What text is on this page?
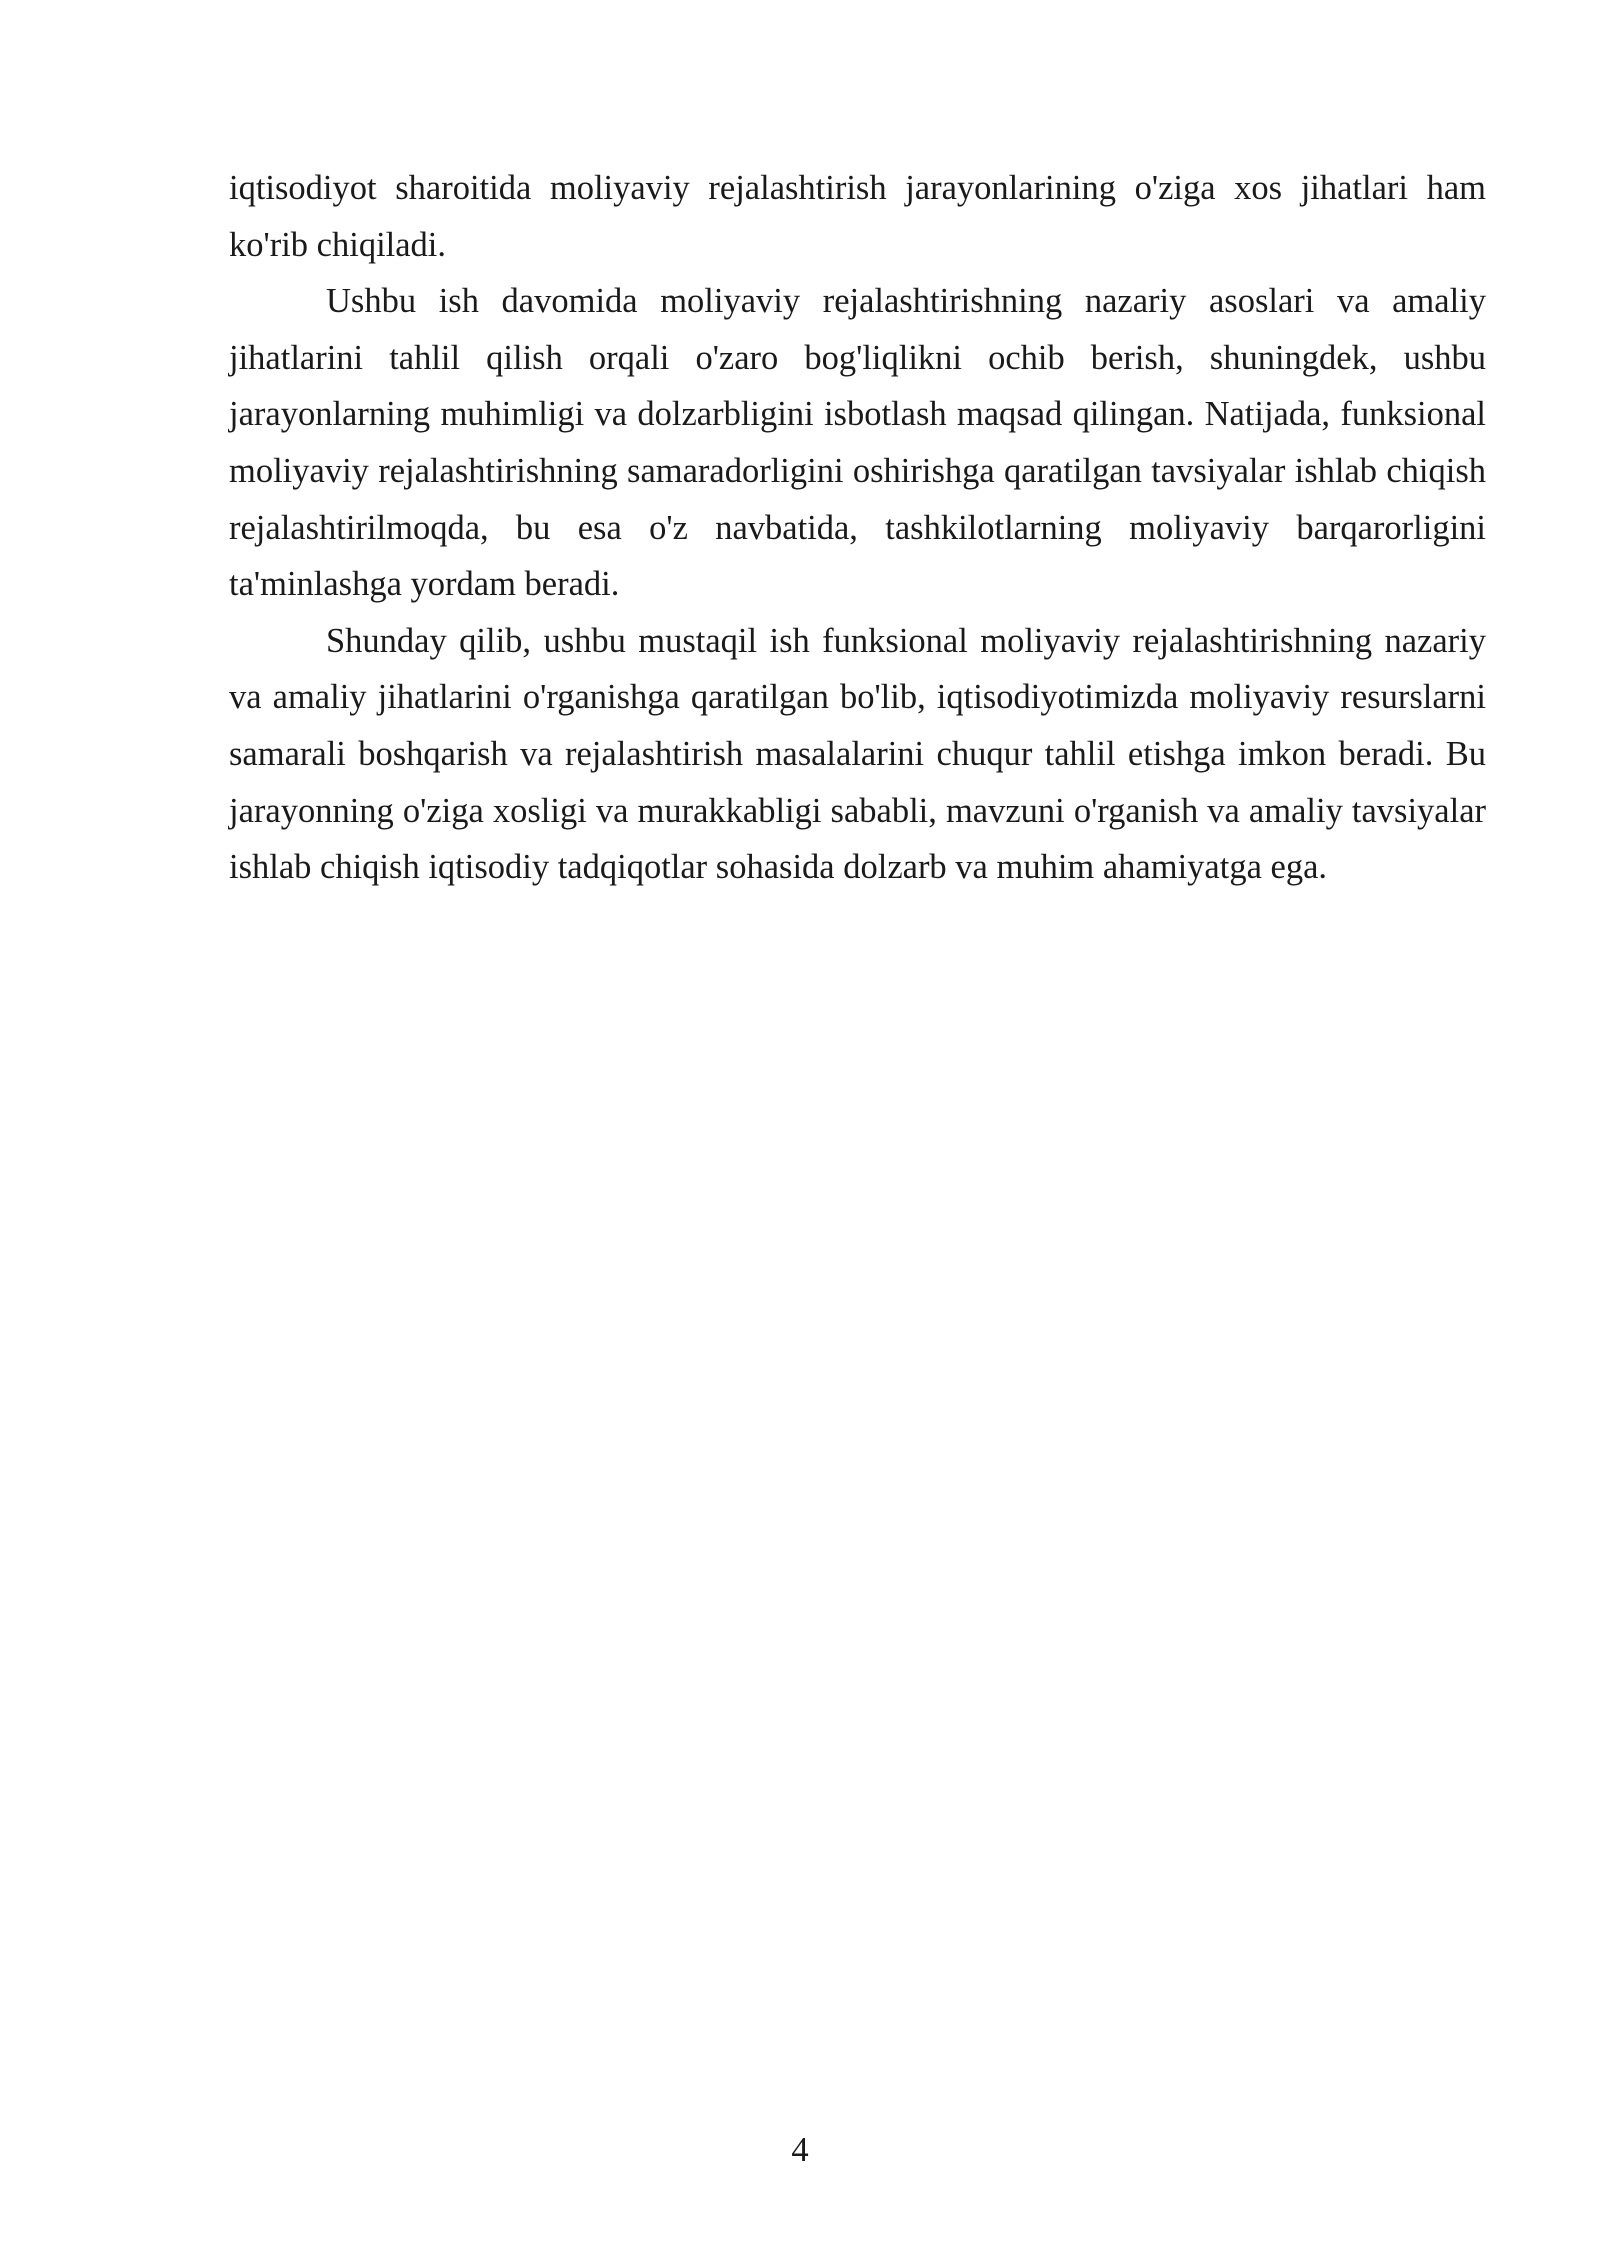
iqtisodiyot sharoitida moliyaviy rejalashtirish jarayonlarining o'ziga xos jihatlari ham ko'rib chiqiladi.

Ushbu ish davomida moliyaviy rejalashtirishning nazariy asoslari va amaliy jihatlarini tahlil qilish orqali o'zaro bog'liqlikni ochib berish, shuningdek, ushbu jarayonlarning muhimligi va dolzarbligini isbotlash maqsad qilingan. Natijada, funksional moliyaviy rejalashtirishning samaradorligini oshirishga qaratilgan tavsiyalar ishlab chiqish rejalashtirilmoqda, bu esa o'z navbatida, tashkilotlarning moliyaviy barqarorligini ta'minlashga yordam beradi.

Shunday qilib, ushbu mustaqil ish funksional moliyaviy rejalashtirishning nazariy va amaliy jihatlarini o'rganishga qaratilgan bo'lib, iqtisodiyotimizda moliyaviy resurslarni samarali boshqarish va rejalashtirish masalalarini chuqur tahlil etishga imkon beradi. Bu jarayonning o'ziga xosligi va murakkabligi sababli, mavzuni o'rganish va amaliy tavsiyalar ishlab chiqish iqtisodiy tadqiqotlar sohasida dolzarb va muhim ahamiyatga ega.

4
